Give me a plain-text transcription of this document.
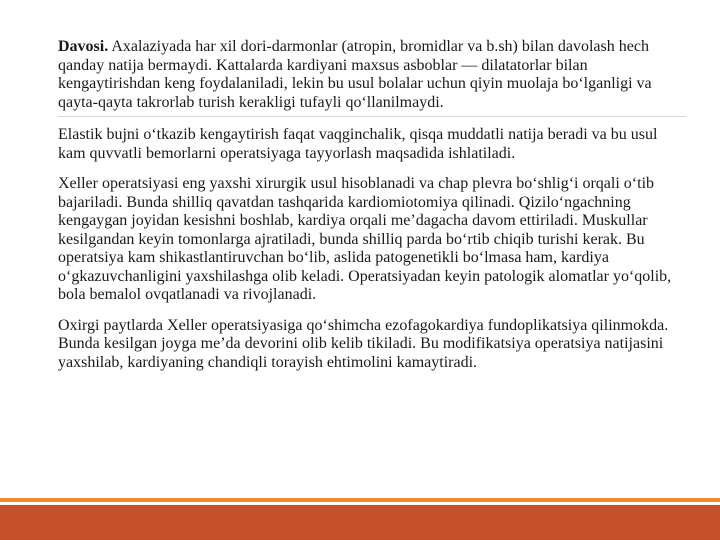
Davosi. Axalaziyada har xil dori-darmonlar (atropin, bromidlar va b.sh) bilan davolash hech qanday natija bermaydi. Kattalarda kardiyani maxsus asboblar — dilatatorlar bilan kengaytirishdan keng foydalaniladi, lekin bu usul bolalar uchun qiyin muolaja bo‘lganligi va qayta-qayta takrorlab turish kerakligi tufayli qo‘llanilmaydi.

Elastik bujni o‘tkazib kengaytirish faqat vaqginchalik, qisqa muddatli natija beradi va bu usul kam quvvatli bemorlarni operatsiyaga tayyorlash maqsadida ishlatiladi.

Xeller operatsiyasi eng yaxshi xirurgik usul hisoblanadi va chap plevra bo‘shlig‘i orqali o‘tib bajariladi. Bunda shilliq qavatdan tashqarida kardiomiotomiya qilinadi. Qizilo‘ngachning kengaygan joyidan kesishni boshlab, kardiya orqali me’dagacha davom ettiriladi. Muskullar kesilgandan keyin tomonlarga ajratiladi, bunda shilliq parda bo‘rtib chiqib turishi kerak. Bu operatsiya kam shikastlantiruvchan bo‘lib, aslida patogenetikli bo‘lmasa ham, kardiya o‘gkazuvchanligini yaxshilashga olib keladi. Operatsiyadan keyin patologik alomatlar yo‘qolib, bola bemalol ovqatlanadi va rivojlanadi.

Oxirgi paytlarda Xeller operatsiyasiga qo‘shimcha ezofagokardiya fundoplikatsiya qilinmokda. Bunda kesilgan joyga me’da devorini olib kelib tikiladi. Bu modifikatsiya operatsiya natijasini yaxshilab, kardiyaning chandiqli torayish ehtimolini kamaytiradi.
